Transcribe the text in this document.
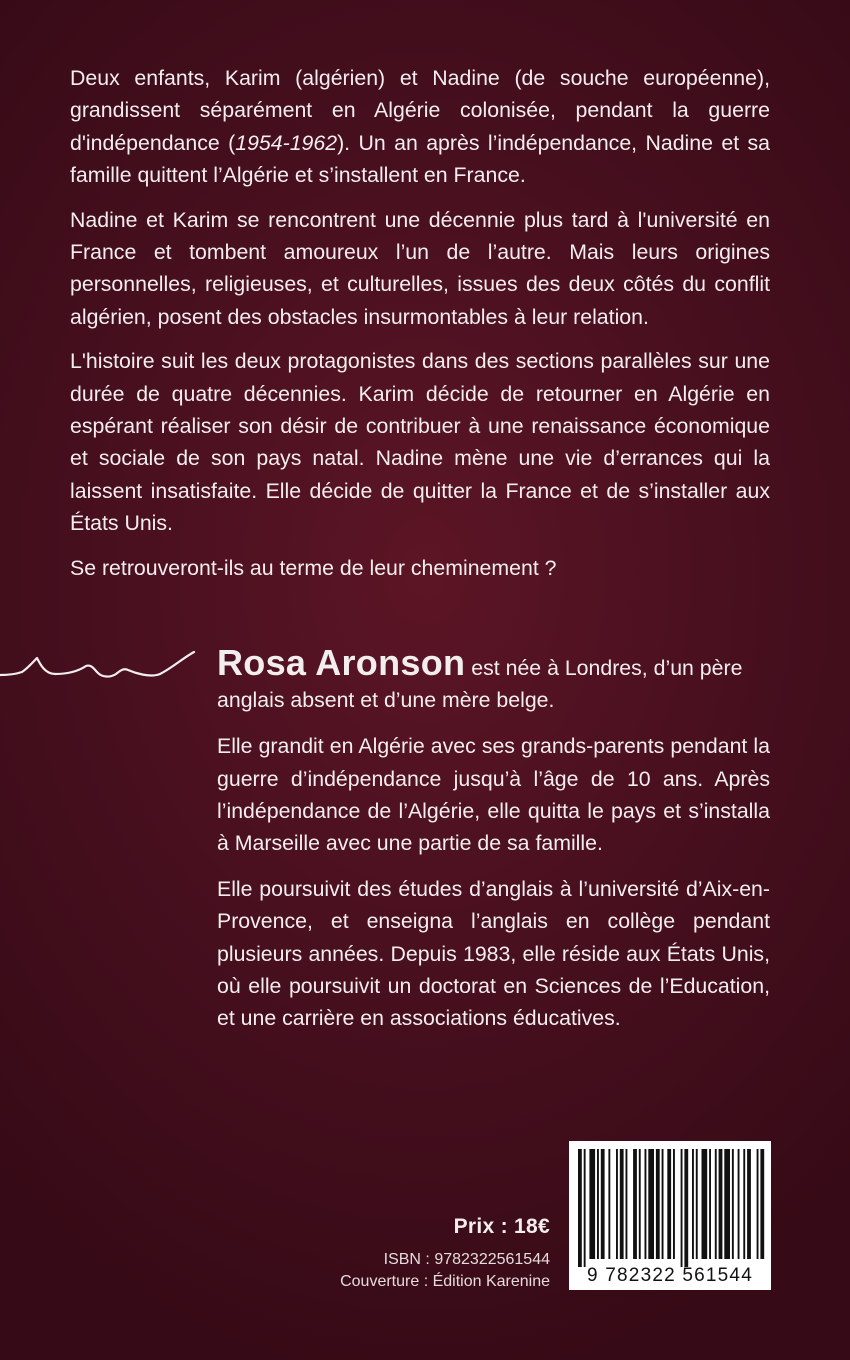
Deux enfants, Karim (algérien) et Nadine (de souche européenne), grandissent séparément en Algérie colonisée, pendant la guerre d'indépendance (1954-1962). Un an après l’indépendance, Nadine et sa famille quittent l’Algérie et s’installent en France.

Nadine et Karim se rencontrent une décennie plus tard à l'université en France et tombent amoureux l’un de l’autre. Mais leurs origines personnelles, religieuses, et culturelles, issues des deux côtés du conflit algérien, posent des obstacles insurmontables à leur relation.

L'histoire suit les deux protagonistes dans des sections parallèles sur une durée de quatre décennies. Karim décide de retourner en Algérie en espérant réaliser son désir de contribuer à une renaissance économique et sociale de son pays natal. Nadine mène une vie d’errances qui la laissent insatisfaite. Elle décide de quitter la France et de s’installer aux États Unis.

Se retrouveront-ils au terme de leur cheminement ?

Rosa Aronson est née à Londres, d’un père anglais absent et d’une mère belge.

Elle grandit en Algérie avec ses grands-parents pendant la guerre d’indépendance jusqu’à l’âge de 10 ans. Après l’indépendance de l’Algérie, elle quitta le pays et s’installa à Marseille avec une partie de sa famille.

Elle poursuivit des études d’anglais à l’université d’Aix-en-Provence, et enseigna l’anglais en collège pendant plusieurs années. Depuis 1983, elle réside aux États Unis, où elle poursuivit un doctorat en Sciences de l’Education, et une carrière en associations éducatives.

Prix : 18€
ISBN : 9782322561544
Couverture : Édition Karenine	9 782322 561544
